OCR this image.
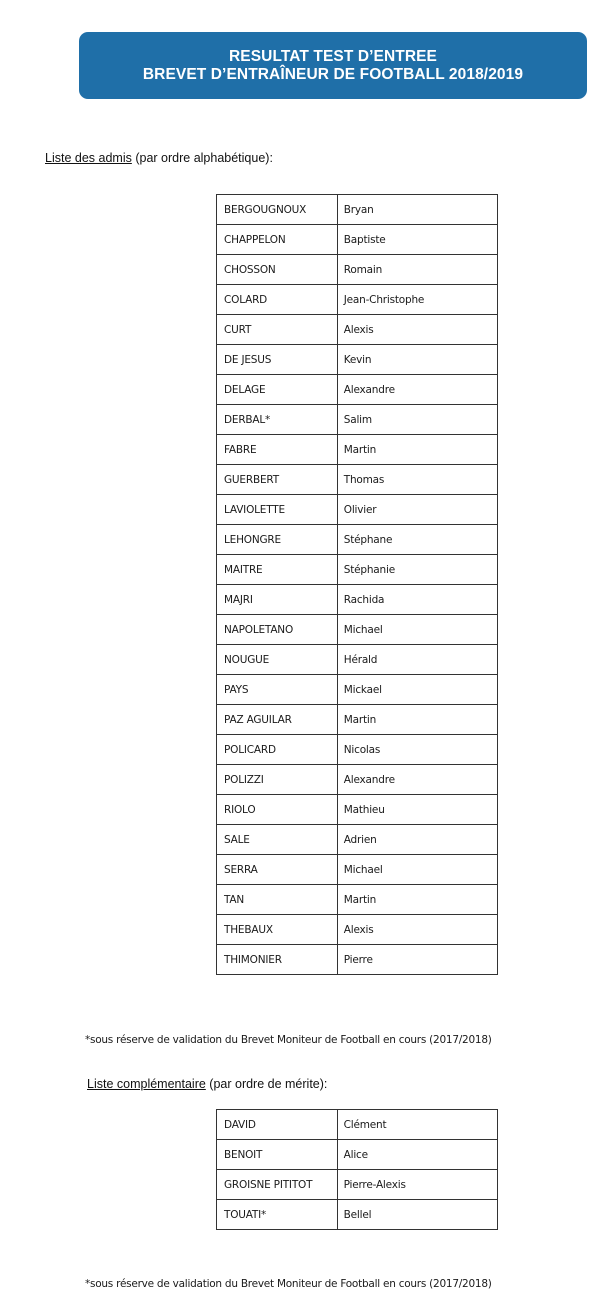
RESULTAT TEST D’ENTREE
BREVET D’ENTRAÎNEUR DE FOOTBALL 2018/2019
Liste des admis (par ordre alphabétique):
BERGOUGNOUX	Bryan
CHAPPELON	Baptiste
CHOSSON	Romain
COLARD	Jean-Christophe
CURT	Alexis
DE JESUS	Kevin
DELAGE	Alexandre
DERBAL*	Salim
FABRE	Martin
GUERBERT	Thomas
LAVIOLETTE	Olivier
LEHONGRE	Stéphane
MAITRE	Stéphanie
MAJRI	Rachida
NAPOLETANO	Michael
NOUGUE	Hérald
PAYS	Mickael
PAZ AGUILAR	Martin
POLICARD	Nicolas
POLIZZI	Alexandre
RIOLO	Mathieu
SALE	Adrien
SERRA	Michael
TAN	Martin
THEBAUX	Alexis
THIMONIER	Pierre
*sous réserve de validation du Brevet Moniteur de Football en cours (2017/2018)
Liste complémentaire (par ordre de mérite):
DAVID	Clément
BENOIT	Alice
GROISNE PITITOT	Pierre-Alexis
TOUATI*	Bellel
*sous réserve de validation du Brevet Moniteur de Football en cours (2017/2018)
